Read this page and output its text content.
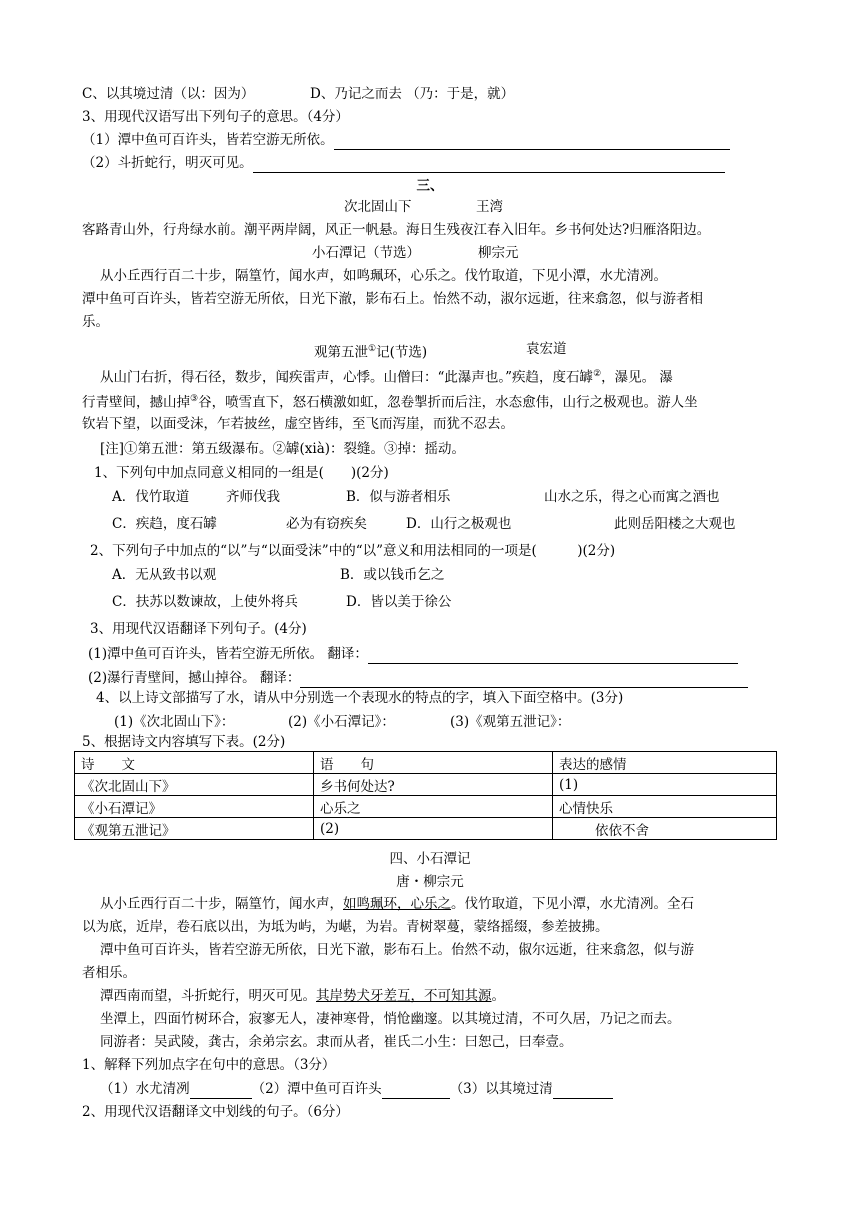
C、以其境过清（以：因为）	D、乃记之而去 （乃：于是，就）
3、用现代汉语写出下列句子的意思。（4分）
（1）潭中鱼可百许头，皆若空游无所依。
（2）斗折蛇行，明灭可见。
三、
次北固山下	王湾
客路青山外，行舟绿水前。潮平两岸阔，风正一帆悬。海日生残夜江春入旧年。乡书何处达?归雁洛阳边。
小石潭记（节选）	柳宗元
从小丘西行百二十步，隔篁竹，闻水声，如鸣珮环，心乐之。伐竹取道，下见小潭，水尤清冽。
潭中鱼可百许头，皆若空游无所依，日光下澈，影布石上。怡然不动，淑尔远逝，往来翕忽，似与游者相
乐。
观第五泄①记(节选)	袁宏道
从山门右折，得石径，数步，闻疾雷声，心悸。山僧曰：“此瀑声也。”疾趋，度石罅②，瀑见。 瀑
行青壁间，撼山掉③谷，喷雪直下，怒石横激如虹，忽卷掣折而后注，水态愈伟，山行之极观也。游人坐
钦岩下望，以面受沫，乍若披丝，虚空皆纬，至飞而泻崖，而犹不忍去。
[注]①第五泄：第五级瀑布。②罅(xià)：裂缝。③掉：摇动。
1、下列句中加点同意义相同的一组是(　　)(2分)
A．伐竹取道	齐师伐我	B．似与游者相乐	山水之乐，得之心而寓之酒也
C．疾趋，度石罅	必为有窃疾矣	D．山行之极观也	此则岳阳楼之大观也
2、下列句子中加点的“以”与“以面受沫”中的“以”意义和用法相同的一项是(　　　)(2分)
A．无从致书以观	B．或以钱币乞之
C．扶苏以数谏故，上使外将兵	D．皆以美于徐公
3、用现代汉语翻译下列句子。(4分)
(1)潭中鱼可百许头，皆若空游无所依。 翻译：
(2)瀑行青壁间，撼山掉谷。 翻译：
4、以上诗文部描写了水，请从中分别选一个表现水的特点的字，填入下面空格中。(3分)
(1)《次北固山下》：	(2)《小石潭记》：	(3)《观第五泄记》：
5、根据诗文内容填写下表。(2分)
诗　　文	语　　句	表达的感情
《次北固山下》	乡书何处达?	(1)
《小石潭记》	心乐之	心情快乐
《观第五泄记》	(2)	依依不舍
四、小石潭记
唐・柳宗元
从小丘西行百二十步，隔篁竹，闻水声，如鸣珮环，心乐之。伐竹取道，下见小潭，水尤清冽。全石
以为底，近岸，卷石底以出，为坻为屿，为嵁，为岩。青树翠蔓，蒙络摇缀，参差披拂。
潭中鱼可百许头，皆若空游无所依，日光下澈，影布石上。佁然不动，俶尔远逝，往来翕忽，似与游
者相乐。
潭西南而望，斗折蛇行，明灭可见。其岸势犬牙差互，不可知其源。
坐潭上，四面竹树环合，寂寥无人，凄神寒骨，悄怆幽邃。以其境过清，不可久居，乃记之而去。
同游者：吴武陵，龚古，余弟宗玄。隶而从者，崔氏二小生：曰恕己，曰奉壹。
1、解释下列加点字在句中的意思。（3分）
（1）水尤清冽	（2）潭中鱼可百许头	（3）以其境过清
2、用现代汉语翻译文中划线的句子。（6分）
